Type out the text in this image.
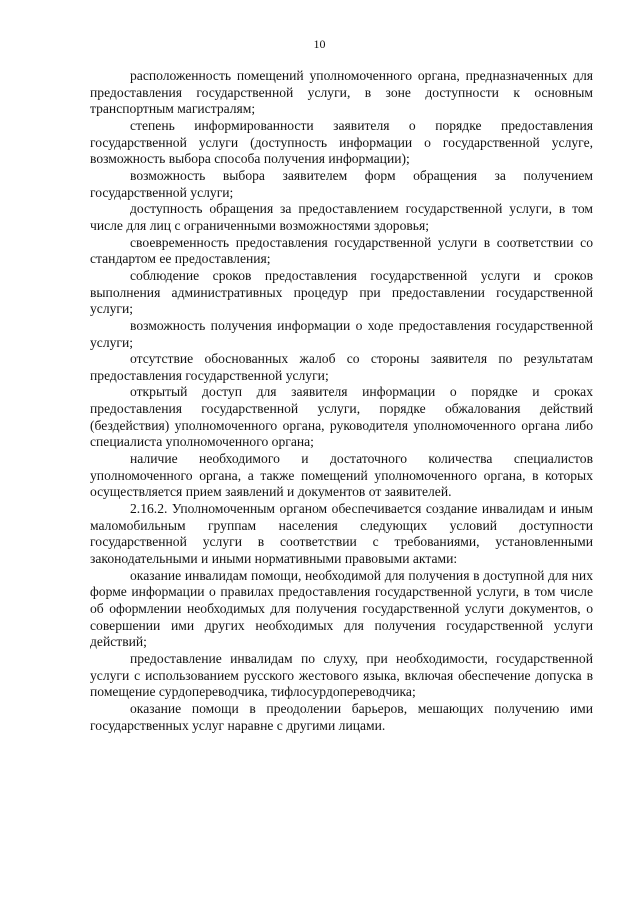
10

расположенность помещений уполномоченного органа, предназначенных для предоставления государственной услуги, в зоне доступности к основным транспортным магистралям;

степень информированности заявителя о порядке предоставления государственной услуги (доступность информации о государственной услуге, возможность выбора способа получения информации);

возможность выбора заявителем форм обращения за получением государственной услуги;

доступность обращения за предоставлением государственной услуги, в том числе для лиц с ограниченными возможностями здоровья;

своевременность предоставления государственной услуги в соответствии со стандартом ее предоставления;

соблюдение сроков предоставления государственной услуги и сроков выполнения административных процедур при предоставлении государственной услуги;

возможность получения информации о ходе предоставления государственной услуги;

отсутствие обоснованных жалоб со стороны заявителя по результатам предоставления государственной услуги;

открытый доступ для заявителя информации о порядке и сроках предоставления государственной услуги, порядке обжалования действий (бездействия) уполномоченного органа, руководителя уполномоченного органа либо специалиста уполномоченного органа;

наличие необходимого и достаточного количества специалистов уполномоченного органа, а также помещений уполномоченного органа, в которых осуществляется прием заявлений и документов от заявителей.

2.16.2. Уполномоченным органом обеспечивается создание инвалидам и иным маломобильным группам населения следующих условий доступности государственной услуги в соответствии с требованиями, установленными законодательными и иными нормативными правовыми актами:

оказание инвалидам помощи, необходимой для получения в доступной для них форме информации о правилах предоставления государственной услуги, в том числе об оформлении необходимых для получения государственной услуги документов, о совершении ими других необходимых для получения государственной услуги действий;

предоставление инвалидам по слуху, при необходимости, государственной услуги с использованием русского жестового языка, включая обеспечение допуска в помещение сурдопереводчика, тифлосурдопереводчика;

оказание помощи в преодолении барьеров, мешающих получению ими государственных услуг наравне с другими лицами.
